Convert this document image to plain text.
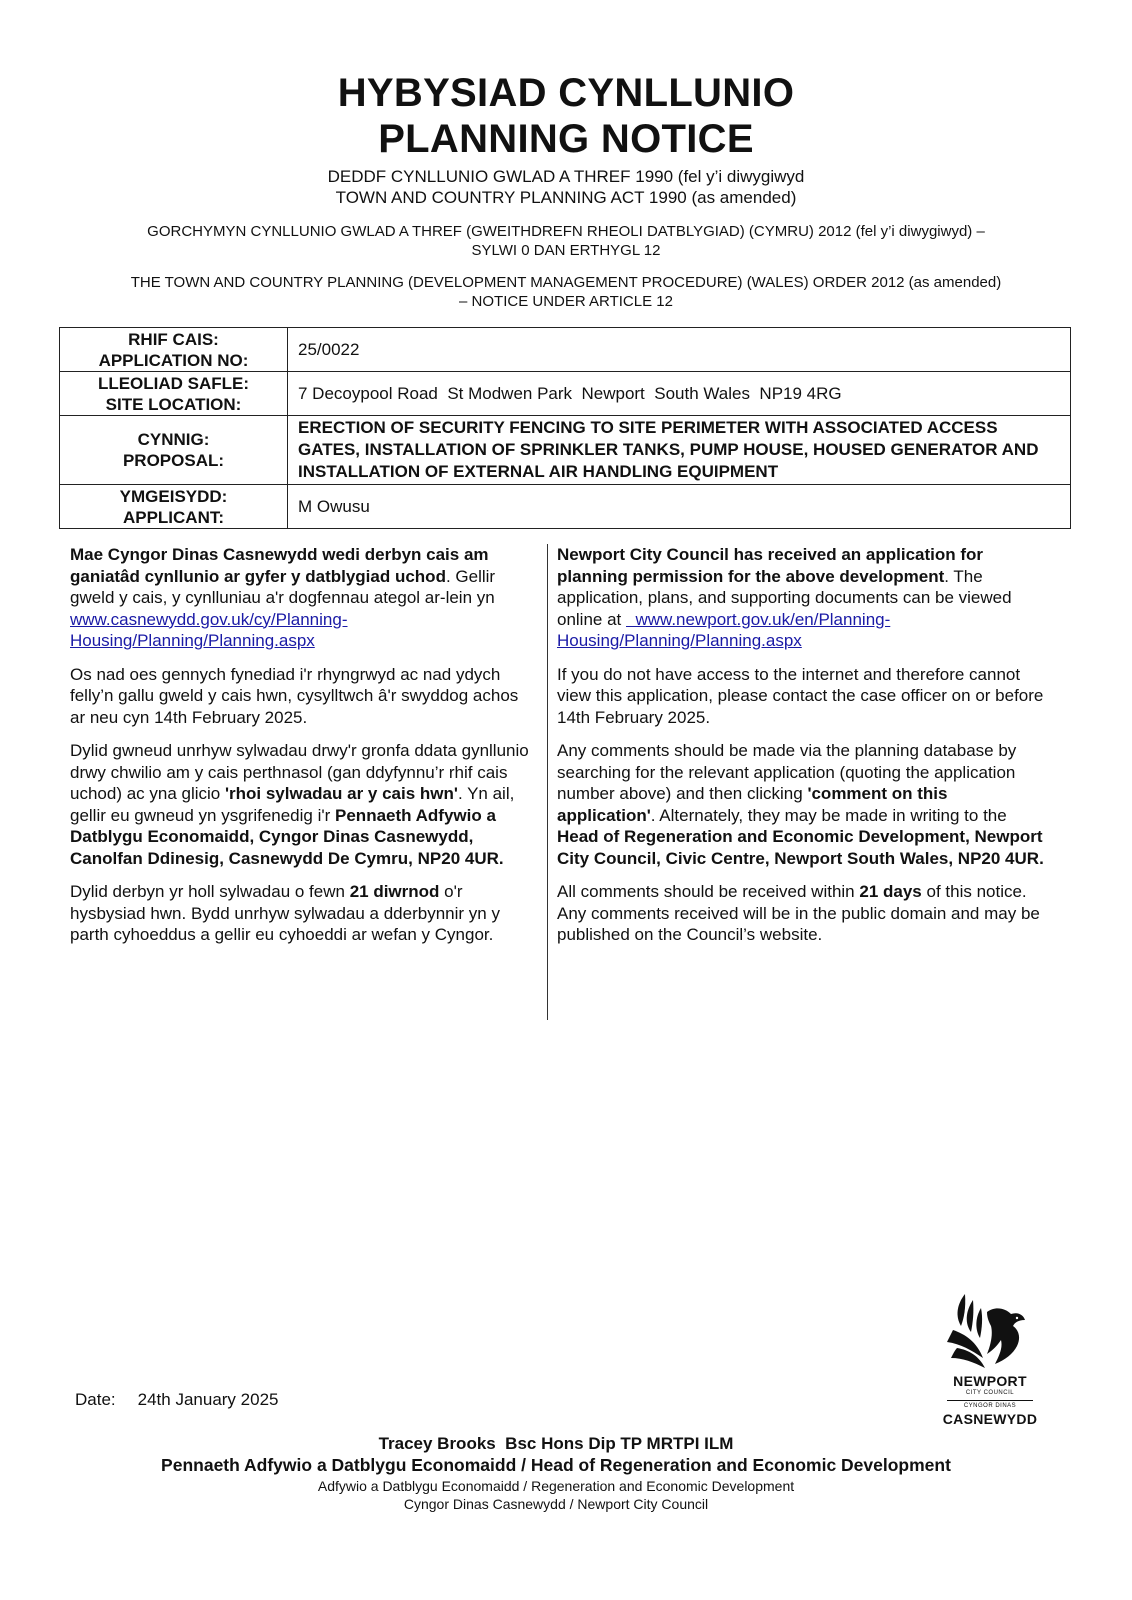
HYBYSIAD CYNLLUNIO
PLANNING NOTICE
DEDDF CYNLLUNIO GWLAD A THREF 1990 (fel y’i diwygiwyd
TOWN AND COUNTRY PLANNING ACT 1990 (as amended)
GORCHYMYN CYNLLUNIO GWLAD A THREF (GWEITHDREFN RHEOLI DATBLYGIAD) (CYMRU) 2012 (fel y’i diwygiwyd) – SYLWI 0 DAN ERTHYGL 12
THE TOWN AND COUNTRY PLANNING (DEVELOPMENT MANAGEMENT PROCEDURE) (WALES) ORDER 2012 (as amended) – NOTICE UNDER ARTICLE 12
RHIF CAIS:
APPLICATION NO:	25/0022

LLEOLIAD SAFLE:
SITE LOCATION:	7 Decoypool Road  St Modwen Park  Newport  South Wales  NP19 4RG

CYNNIG:
PROPOSAL:	ERECTION OF SECURITY FENCING TO SITE PERIMETER WITH ASSOCIATED ACCESS GATES, INSTALLATION OF SPRINKLER TANKS, PUMP HOUSE, HOUSED GENERATOR AND INSTALLATION OF EXTERNAL AIR HANDLING EQUIPMENT

YMGEISYDD:
APPLICANT:	M Owusu

Mae Cyngor Dinas Casnewydd wedi derbyn cais am ganiatâd cynllunio ar gyfer y datblygiad uchod. Gellir gweld y cais, y cynlluniau a'r dogfennau ategol ar-lein yn www.casnewydd.gov.uk/cy/Planning-Housing/Planning/Planning.aspx

Os nad oes gennych fynediad i'r rhyngrwyd ac nad ydych felly’n gallu gweld y cais hwn, cysylltwch â'r swyddog achos ar neu cyn 14th February 2025.

Dylid gwneud unrhyw sylwadau drwy'r gronfa ddata gynllunio drwy chwilio am y cais perthnasol (gan ddyfynnu’r rhif cais uchod) ac yna glicio 'rhoi sylwadau ar y cais hwn'. Yn ail, gellir eu gwneud yn ysgrifenedig i'r Pennaeth Adfywio a Datblygu Economaidd, Cyngor Dinas Casnewydd, Canolfan Ddinesig, Casnewydd De Cymru, NP20 4UR.

Dylid derbyn yr holl sylwadau o fewn 21 diwrnod o'r hysbysiad hwn. Bydd unrhyw sylwadau a dderbynnir yn y parth cyhoeddus a gellir eu cyhoeddi ar wefan y Cyngor.

Newport City Council has received an application for planning permission for the above development. The application, plans, and supporting documents can be viewed online at   www.newport.gov.uk/en/Planning-Housing/Planning/Planning.aspx

If you do not have access to the internet and therefore cannot view this application, please contact the case officer on or before 14th February 2025.

Any comments should be made via the planning database by searching for the relevant application (quoting the application number above) and then clicking 'comment on this application'. Alternately, they may be made in writing to the Head of Regeneration and Economic Development, Newport City Council, Civic Centre, Newport South Wales, NP20 4UR.

All comments should be received within 21 days of this notice. Any comments received will be in the public domain and may be published on the Council’s website.

Date: 24th January 2025
NEWPORT
CITY COUNCIL
CYNGOR DINAS
CASNEWYDD
Tracey Brooks  Bsc Hons Dip TP MRTPI ILM
Pennaeth Adfywio a Datblygu Economaidd / Head of Regeneration and Economic Development
Adfywio a Datblygu Economaidd / Regeneration and Economic Development
Cyngor Dinas Casnewydd / Newport City Council
